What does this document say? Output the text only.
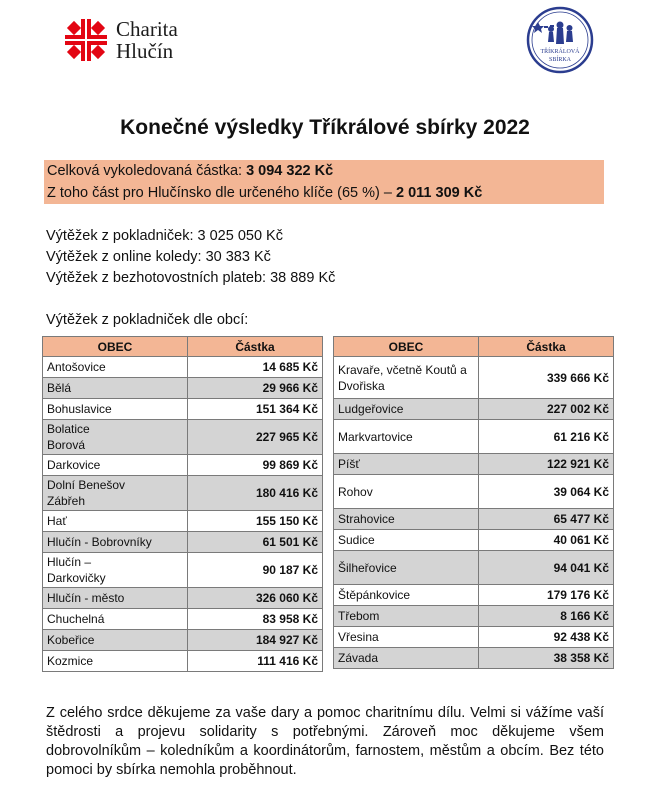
Charita
Hlučín	TŘÍKRÁLOVÁ
SBÍRKA
Konečné výsledky Tříkrálové sbírky 2022
Celková vykoledovaná částka: 3 094 322 Kč
Z toho část pro Hlučínsko dle určeného klíče (65 %) – 2 011 309 Kč
Výtěžek z pokladniček: 3 025 050 Kč
Výtěžek z online koledy: 30 383 Kč
Výtěžek z bezhotovostních plateb: 38 889 Kč
Výtěžek z pokladniček dle obcí:
OBEC	Částka
Antošovice	14 685 Kč
Bělá	29 966 Kč
Bohuslavice	151 364 Kč
Bolatice
Borová	227 965 Kč
Darkovice	99 869 Kč
Dolní Benešov
Zábřeh	180 416 Kč
Hať	155 150 Kč
Hlučín - Bobrovníky	61 501 Kč
Hlučín –
Darkovičky	90 187 Kč
Hlučín - město	326 060 Kč
Chuchelná	83 958 Kč
Kobeřice	184 927 Kč
Kozmice	111 416 Kč
OBEC	Částka
Kravaře, včetně Koutů a
Dvořiska	339 666 Kč
Ludgeřovice	227 002 Kč
Markvartovice	61 216 Kč
Píšť	122 921 Kč
Rohov	39 064 Kč
Strahovice	65 477 Kč
Sudice	40 061 Kč
Šilheřovice	94 041 Kč
Štěpánkovice	179 176 Kč
Třebom	8 166 Kč
Vřesina	92 438 Kč
Závada	38 358 Kč

Z celého srdce děkujeme za vaše dary a pomoc charitnímu dílu. Velmi si vážíme vaší štědrosti a projevu solidarity s potřebnými. Zároveň moc děkujeme všem dobrovolníkům – koledníkům a koordinátorům, farnostem, městům a obcím. Bez této pomoci by sbírka nemohla proběhnout.
